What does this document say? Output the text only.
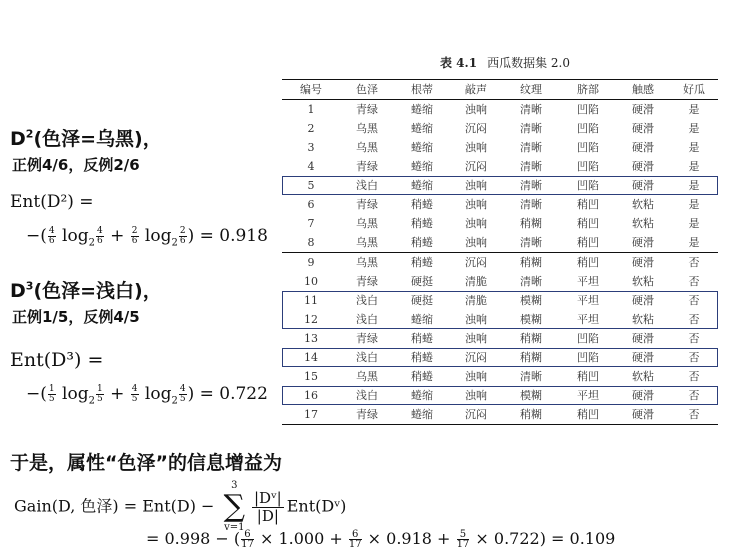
表 4.1 西瓜数据集 2.0
编号	色泽	根蒂	敲声	纹理	脐部	触感	好瓜
1	青绿	蜷缩	浊响	清晰	凹陷	硬滑	是
2	乌黑	蜷缩	沉闷	清晰	凹陷	硬滑	是
3	乌黑	蜷缩	浊响	清晰	凹陷	硬滑	是
4	青绿	蜷缩	沉闷	清晰	凹陷	硬滑	是
5	浅白	蜷缩	浊响	清晰	凹陷	硬滑	是
6	青绿	稍蜷	浊响	清晰	稍凹	软粘	是
7	乌黑	稍蜷	浊响	稍糊	稍凹	软粘	是
8	乌黑	稍蜷	浊响	清晰	稍凹	硬滑	是
9	乌黑	稍蜷	沉闷	稍糊	稍凹	硬滑	否
10	青绿	硬挺	清脆	清晰	平坦	软粘	否
11	浅白	硬挺	清脆	模糊	平坦	硬滑	否
12	浅白	蜷缩	浊响	模糊	平坦	软粘	否
13	青绿	稍蜷	浊响	稍糊	凹陷	硬滑	否
14	浅白	稍蜷	沉闷	稍糊	凹陷	硬滑	否
15	乌黑	稍蜷	浊响	清晰	稍凹	软粘	否
16	浅白	蜷缩	浊响	模糊	平坦	硬滑	否
17	青绿	蜷缩	沉闷	稍糊	稍凹	硬滑	否
$D^2$(色泽=乌黑)，
正例4/6，反例2/6
Ent(D²) =
−( $\frac{4}{6} \log_2 \frac{4}{6} + \frac{2}{6} \log_2 \frac{2}{6}$ ) = 0.918
$D^3$(色泽=浅白)，
正例1/5，反例4/5
Ent(D³) =
−( $\frac{1}{5} \log_2 \frac{1}{5} + \frac{4}{5} \log_2 \frac{4}{5}$ ) = 0.722
于是，属性“色泽”的信息增益为
Gain(D, 色泽) = Ent(D) −
3
∑
v=1
$\frac{\text{|Dᵛ|}}{|D|}$ Ent(Dᵛ)
= 0.998 − ( $\frac{6}{17} \times 1.000 + \frac{6}{17} \times 0.918 + \frac{5}{17} \times 0.722) = 0.109$
